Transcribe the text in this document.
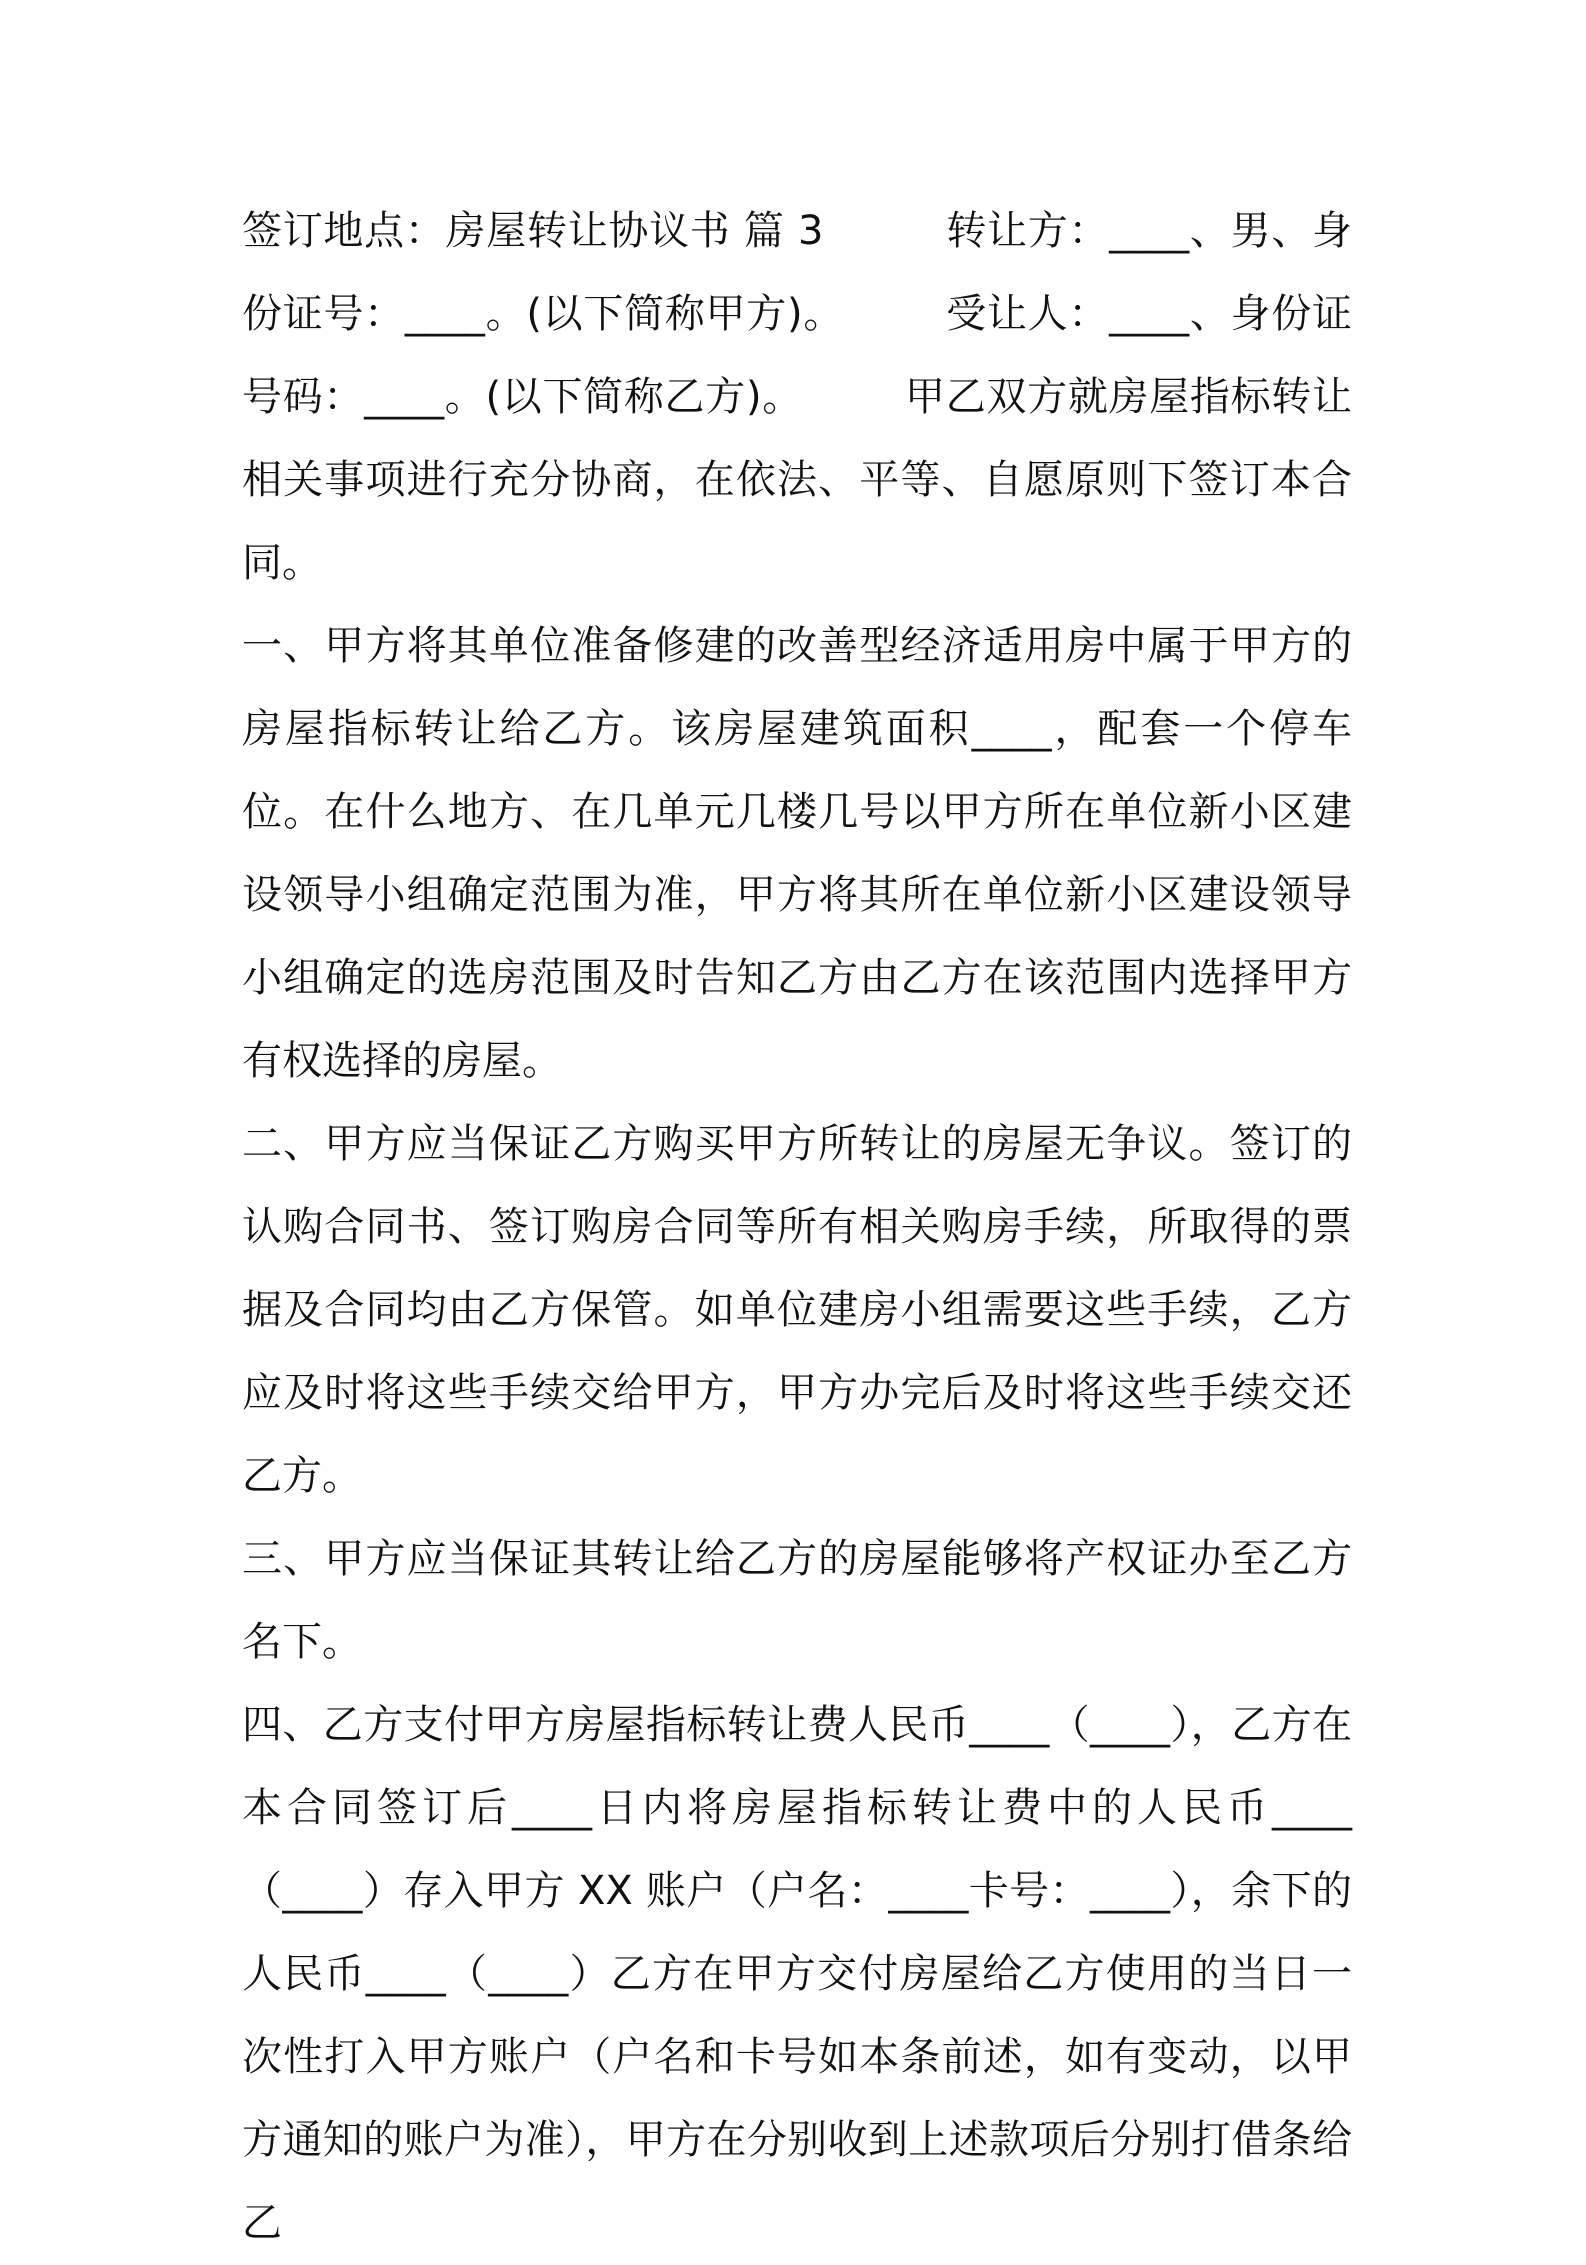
签订地点：房屋转让协议书 篇 3　　　转让方：____、男、身份证号：____。(以下简称甲方)。　　　受让人：____、身份证号码：____。(以下简称乙方)。　　　甲乙双方就房屋指标转让相关事项进行充分协商，在依法、平等、自愿原则下签订本合同。

一、甲方将其单位准备修建的改善型经济适用房中属于甲方的房屋指标转让给乙方。该房屋建筑面积____，配套一个停车位。在什么地方、在几单元几楼几号以甲方所在单位新小区建设领导小组确定范围为准，甲方将其所在单位新小区建设领导小组确定的选房范围及时告知乙方由乙方在该范围内选择甲方有权选择的房屋。

二、甲方应当保证乙方购买甲方所转让的房屋无争议。签订的认购合同书、签订购房合同等所有相关购房手续，所取得的票据及合同均由乙方保管。如单位建房小组需要这些手续，乙方应及时将这些手续交给甲方，甲方办完后及时将这些手续交还乙方。

三、甲方应当保证其转让给乙方的房屋能够将产权证办至乙方名下。

四、乙方支付甲方房屋指标转让费人民币____（____），乙方在本合同签订后____日内将房屋指标转让费中的人民币____（____）存入甲方 XX 账户（户名：____卡号：____），余下的人民币____（____）乙方在甲方交付房屋给乙方使用的当日一次性打入甲方账户（户名和卡号如本条前述，如有变动，以甲方通知的账户为准），甲方在分别收到上述款项后分别打借条给乙
